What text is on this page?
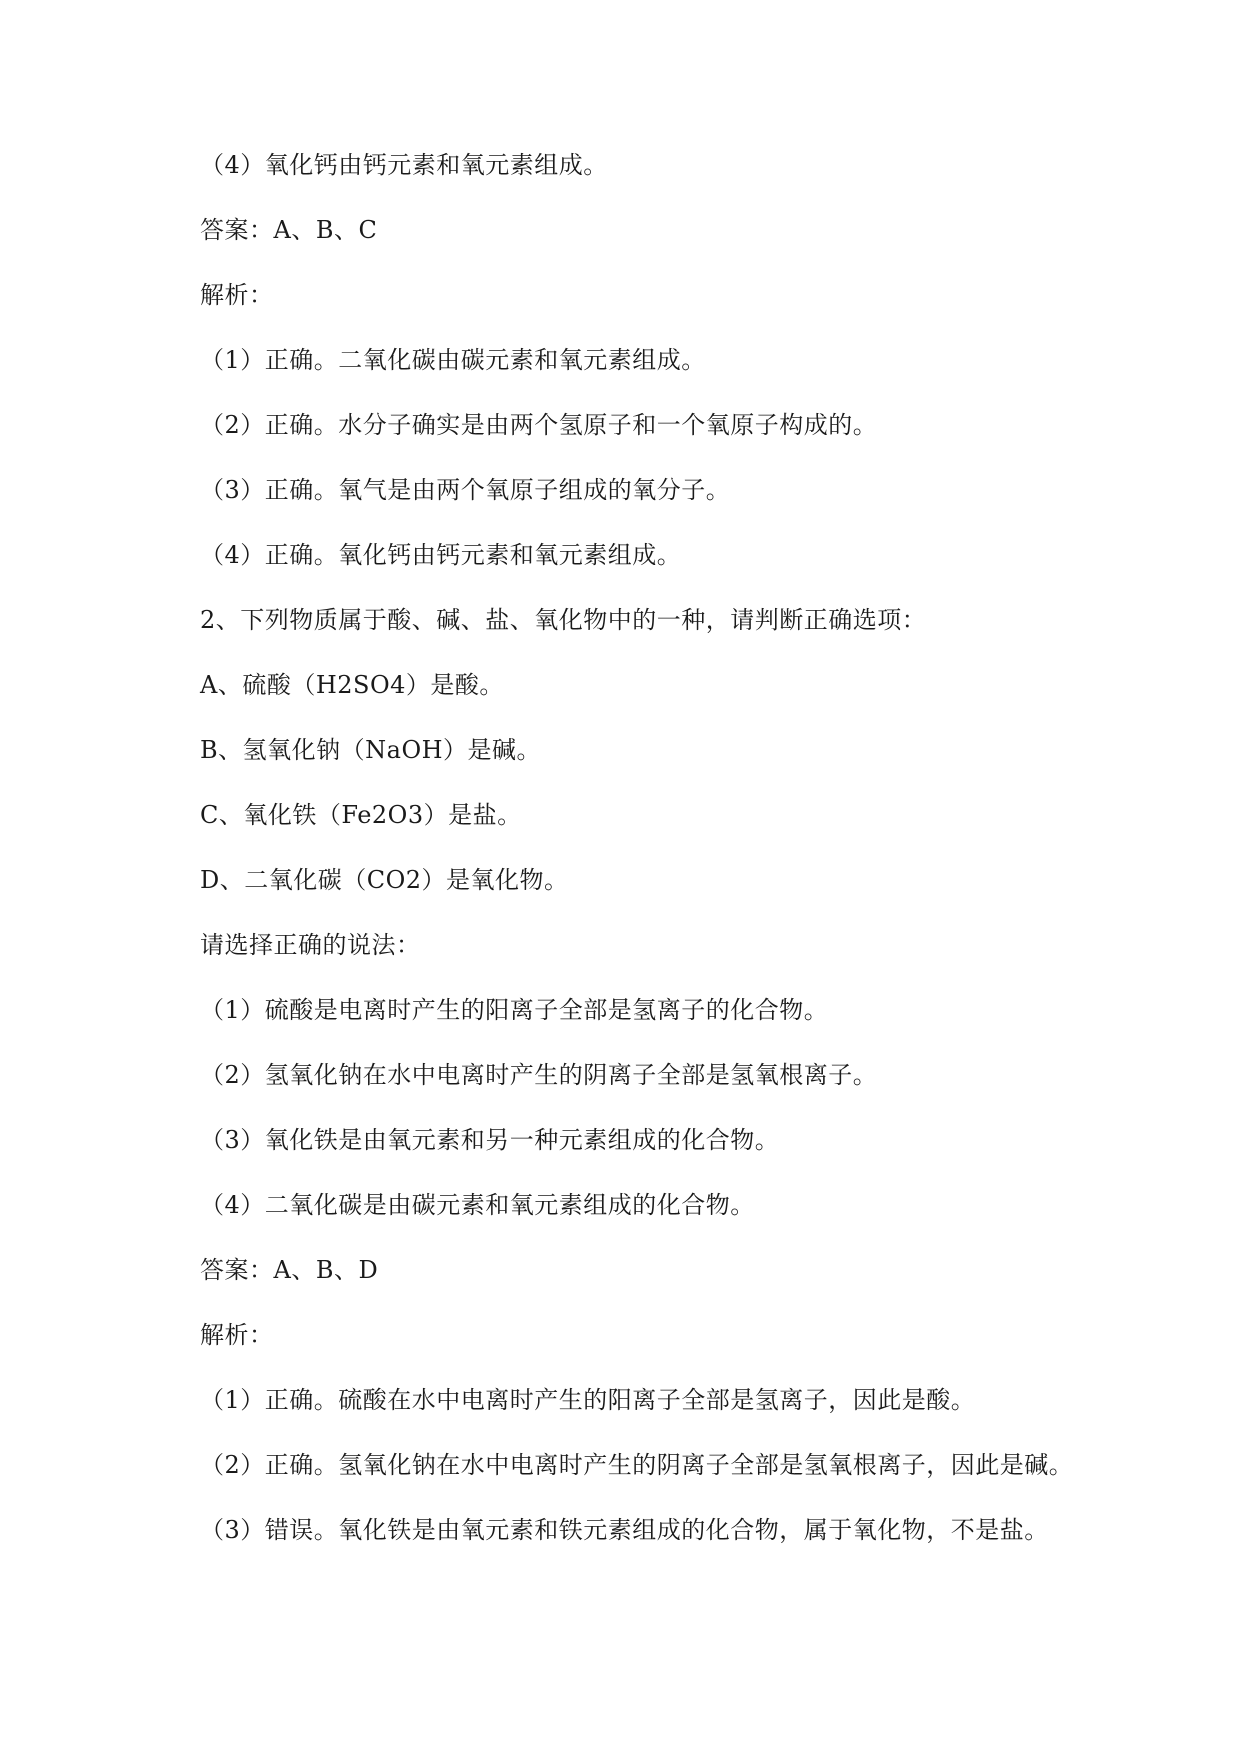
（4）氧化钙由钙元素和氧元素组成。
答案：A、B、C
解析：
（1）正确。二氧化碳由碳元素和氧元素组成。
（2）正确。水分子确实是由两个氢原子和一个氧原子构成的。
（3）正确。氧气是由两个氧原子组成的氧分子。
（4）正确。氧化钙由钙元素和氧元素组成。
2、下列物质属于酸、碱、盐、氧化物中的一种，请判断正确选项：
A、硫酸（H2SO4）是酸。
B、氢氧化钠（NaOH）是碱。
C、氧化铁（Fe2O3）是盐。
D、二氧化碳（CO2）是氧化物。
请选择正确的说法：
（1）硫酸是电离时产生的阳离子全部是氢离子的化合物。
（2）氢氧化钠在水中电离时产生的阴离子全部是氢氧根离子。
（3）氧化铁是由氧元素和另一种元素组成的化合物。
（4）二氧化碳是由碳元素和氧元素组成的化合物。
答案：A、B、D
解析：
（1）正确。硫酸在水中电离时产生的阳离子全部是氢离子，因此是酸。
（2）正确。氢氧化钠在水中电离时产生的阴离子全部是氢氧根离子，因此是碱。
（3）错误。氧化铁是由氧元素和铁元素组成的化合物，属于氧化物，不是盐。
